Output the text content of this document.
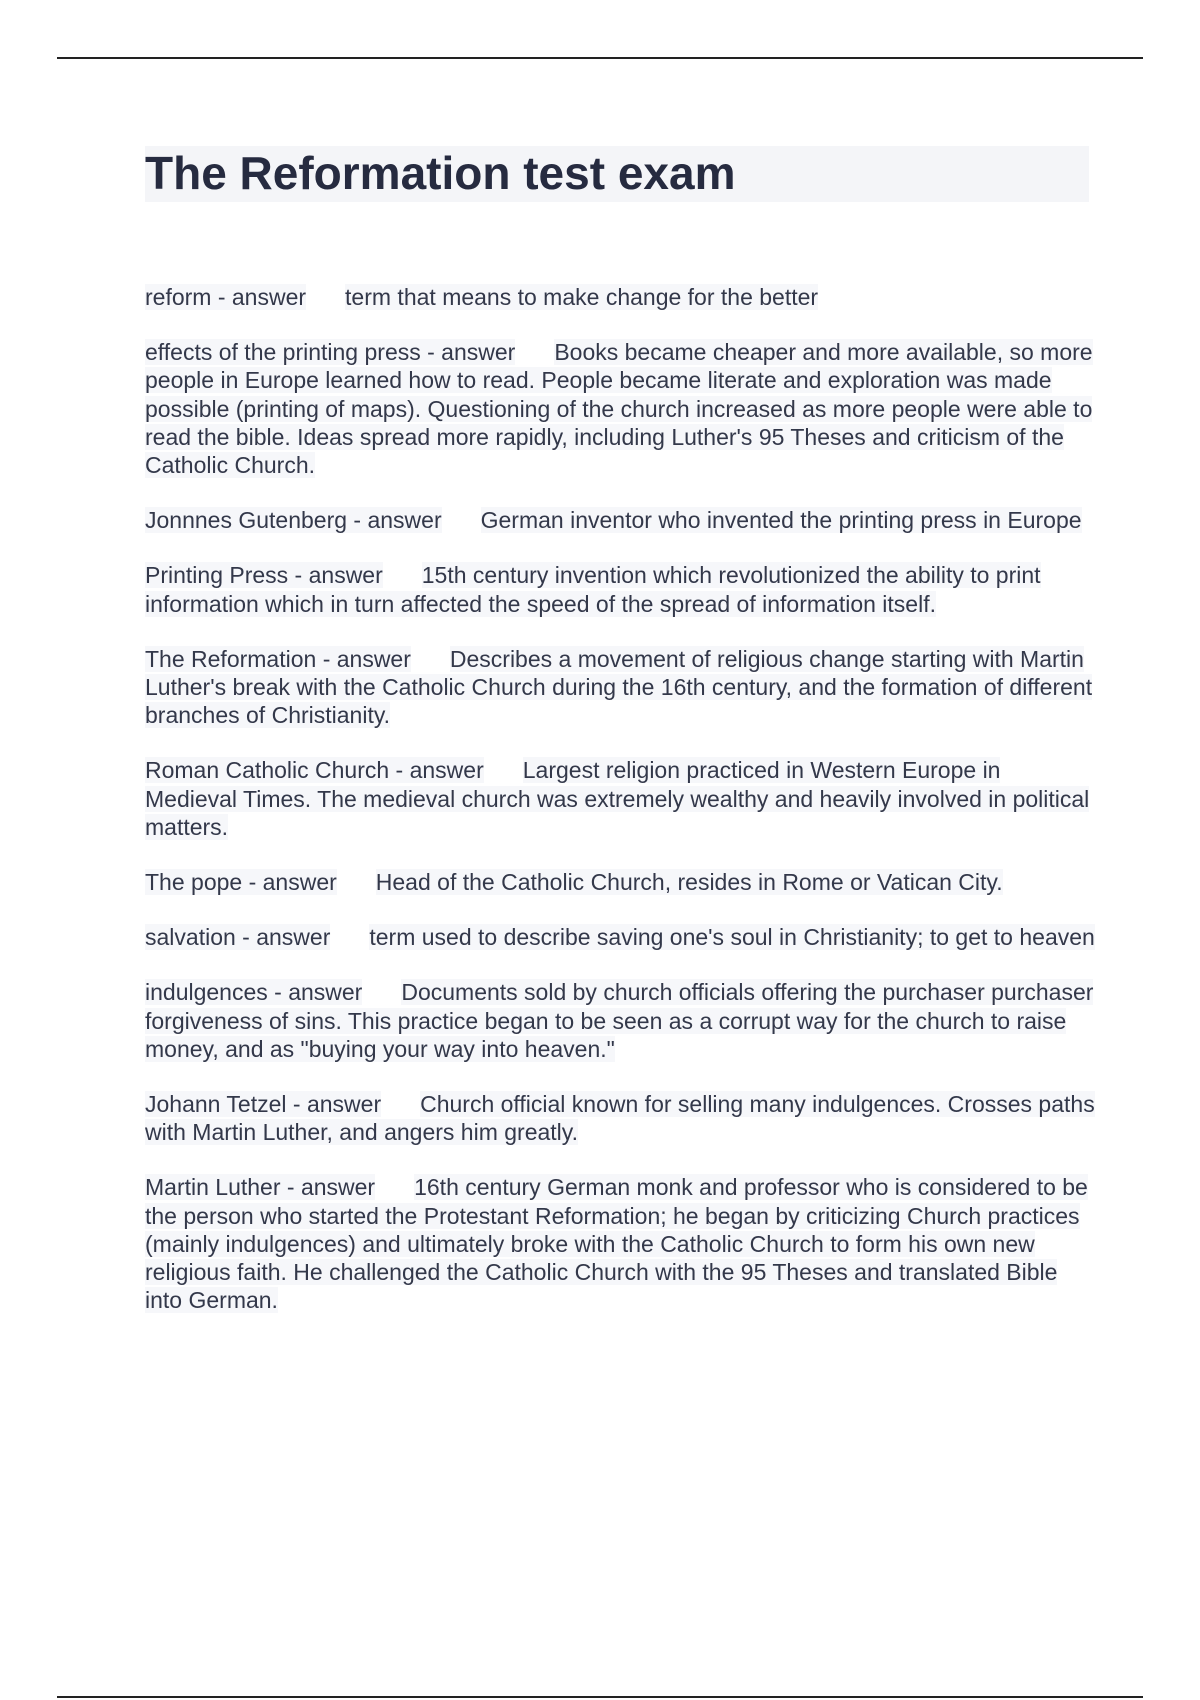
The Reformation test exam

reform - answer term that means to make change for the better

effects of the printing press - answer Books became cheaper and more available, so more people in Europe learned how to read. People became literate and exploration was made possible (printing of maps). Questioning of the church increased as more people were able to read the bible. Ideas spread more rapidly, including Luther's 95 Theses and criticism of the Catholic Church.

Jonnnes Gutenberg - answer German inventor who invented the printing press in Europe

Printing Press - answer 15th century invention which revolutionized the ability to print information which in turn affected the speed of the spread of information itself.

The Reformation - answer Describes a movement of religious change starting with Martin Luther's break with the Catholic Church during the 16th century, and the formation of different branches of Christianity.

Roman Catholic Church - answer Largest religion practiced in Western Europe in Medieval Times. The medieval church was extremely wealthy and heavily involved in political matters.

The pope - answer Head of the Catholic Church, resides in Rome or Vatican City.

salvation - answer term used to describe saving one's soul in Christianity; to get to heaven

indulgences - answer Documents sold by church officials offering the purchaser purchaser forgiveness of sins. This practice began to be seen as a corrupt way for the church to raise money, and as "buying your way into heaven."

Johann Tetzel - answer Church official known for selling many indulgences. Crosses paths with Martin Luther, and angers him greatly.

Martin Luther - answer 16th century German monk and professor who is considered to be the person who started the Protestant Reformation; he began by criticizing Church practices (mainly indulgences) and ultimately broke with the Catholic Church to form his own new religious faith. He challenged the Catholic Church with the 95 Theses and translated Bible into German.
